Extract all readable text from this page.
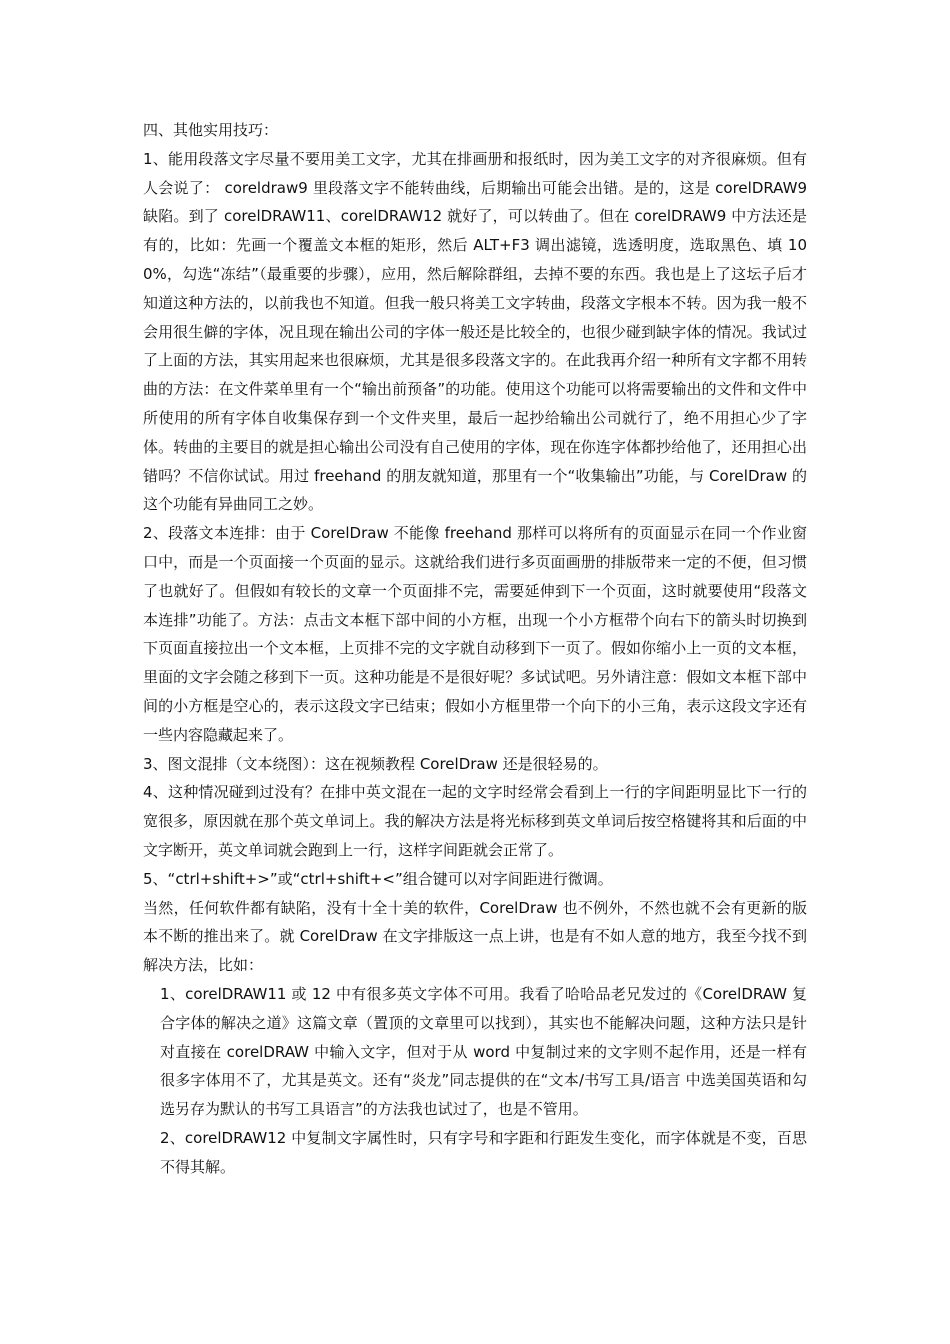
四、其他实用技巧：

1、能用段落文字尽量不要用美工文字，尤其在排画册和报纸时，因为美工文字的对齐很麻烦。但有人会说了： coreldraw9 里段落文字不能转曲线，后期输出可能会出错。是的，这是 corelDRAW9 缺陷。到了 corelDRAW11、corelDRAW12 就好了，可以转曲了。但在 corelDRAW9 中方法还是有的，比如：先画一个覆盖文本框的矩形，然后 ALT+F3 调出滤镜，选透明度，选取黑色、填 100%，勾选“冻结”（最重要的步骤），应用，然后解除群组，去掉不要的东西。我也是上了这坛子后才知道这种方法的，以前我也不知道。但我一般只将美工文字转曲，段落文字根本不转。因为我一般不会用很生僻的字体，况且现在输出公司的字体一般还是比较全的，也很少碰到缺字体的情况。我试过了上面的方法，其实用起来也很麻烦，尤其是很多段落文字的。在此我再介绍一种所有文字都不用转曲的方法：在文件菜单里有一个“输出前预备”的功能。使用这个功能可以将需要输出的文件和文件中所使用的所有字体自收集保存到一个文件夹里，最后一起抄给输出公司就行了，绝不用担心少了字体。转曲的主要目的就是担心输出公司没有自己使用的字体，现在你连字体都抄给他了，还用担心出错吗？不信你试试。用过 freehand 的朋友就知道，那里有一个“收集输出”功能，与 CorelDraw 的这个功能有异曲同工之妙。

2、段落文本连排：由于 CorelDraw 不能像 freehand 那样可以将所有的页面显示在同一个作业窗口中，而是一个页面接一个页面的显示。这就给我们进行多页面画册的排版带来一定的不便，但习惯了也就好了。但假如有较长的文章一个页面排不完，需要延伸到下一个页面，这时就要使用“段落文本连排”功能了。方法：点击文本框下部中间的小方框，出现一个小方框带个向右下的箭头时切换到下页面直接拉出一个文本框，上页排不完的文字就自动移到下一页了。假如你缩小上一页的文本框，里面的文字会随之移到下一页。这种功能是不是很好呢？多试试吧。另外请注意：假如文本框下部中间的小方框是空心的，表示这段文字已结束；假如小方框里带一个向下的小三角，表示这段文字还有一些内容隐藏起来了。

3、图文混排（文本绕图）：这在视频教程 CorelDraw 还是很轻易的。

4、这种情况碰到过没有？在排中英文混在一起的文字时经常会看到上一行的字间距明显比下一行的宽很多，原因就在那个英文单词上。我的解决方法是将光标移到英文单词后按空格键将其和后面的中文字断开，英文单词就会跑到上一行，这样字间距就会正常了。

5、“ctrl+shift+>”或“ctrl+shift+<”组合键可以对字间距进行微调。

当然，任何软件都有缺陷，没有十全十美的软件，CorelDraw 也不例外，不然也就不会有更新的版本不断的推出来了。就 CorelDraw 在文字排版这一点上讲，也是有不如人意的地方，我至今找不到解决方法，比如：

1、corelDRAW11 或 12 中有很多英文字体不可用。我看了哈哈品老兄发过的《CorelDRAW 复合字体的解决之道》这篇文章（置顶的文章里可以找到），其实也不能解决问题，这种方法只是针对直接在 corelDRAW 中输入文字，但对于从 word 中复制过来的文字则不起作用，还是一样有很多字体用不了，尤其是英文。还有“炎龙”同志提供的在“文本/书写工具/语言 中选美国英语和勾选另存为默认的书写工具语言”的方法我也试过了，也是不管用。

2、corelDRAW12 中复制文字属性时，只有字号和字距和行距发生变化，而字体就是不变，百思不得其解。
